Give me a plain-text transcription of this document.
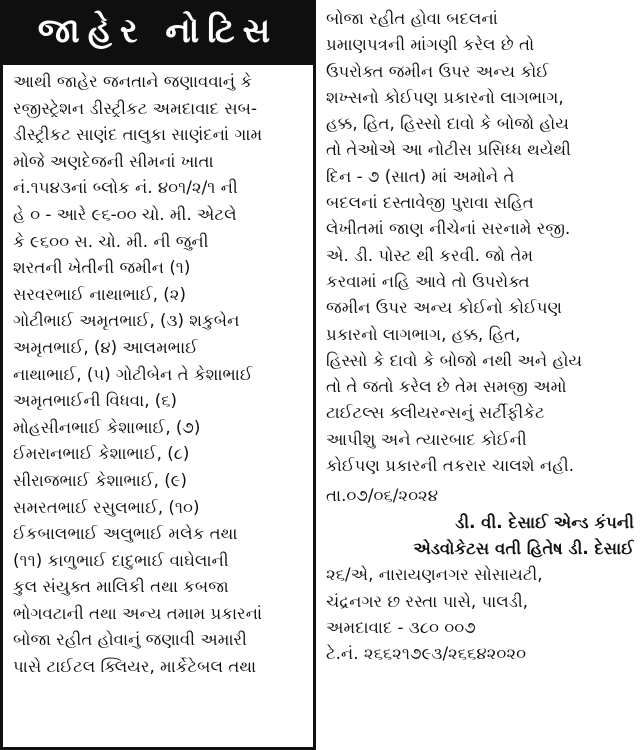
જાહેર નોટિસ
આથી જાહેર જનતાને જણાવવાનું કે
રજીસ્ટ્રેશન ડીસ્ટ્રીકટ અમદાવાદ સબ-
ડીસ્ટ્રીકટ સાણંદ તાલુકા સાણંદનાં ગામ
મોજે અણદેજની સીમનાં ખાતા
નં.૧૫૪૩નાં બ્લોક નં. ૪૦૧/૨/૧ ની
હે ૦ - આરે ૯૬-૦૦ ચો. મી. એટલે
કે ૯૬૦૦ સ. ચો. મી. ની જુની
શરતની ખેતીની જમીન (૧)
સરવરભાઈ નાથાભાઈ, (૨)
ગોટીભાઈ અમૃતભાઈ, (૩) શકુબેન
અમૃતભાઈ, (૪) આલમભાઈ
નાથાભાઈ, (૫) ગોટીબેન તે કેશાભાઈ
અમૃતભાઈની વિધવા, (૬)
મોહસીનભાઈ કેશાભાઈ, (૭)
ઈમરાનભાઈ કેશાભાઈ, (૮)
સીરાજભાઈ કેશાભાઈ, (૯)
સમરતભાઈ રસુલભાઈ, (૧૦)
ઈકબાલભાઈ અલુભાઈ મલેક તથા
(૧૧) કાળુભાઈ દાદુભાઈ વાઘેલાની
કુલ સંયુક્ત માલિકી તથા કબજા
ભોગવટાની તથા અન્ય તમામ પ્રકારનાં
બોજા રહીત હોવાનું જણાવી અમારી
પાસે ટાઈટલ ક્લિયર, માર્કેટેબલ તથા
બોજા રહીત હોવા બદલનાં
પ્રમાણપત્રની માંગણી કરેલ છે તો
ઉપરોક્ત જમીન ઉપર અન્ય કોઈ
શખ્સનો કોઈપણ પ્રકારનો લાગભાગ,
હક્ક, હિત, હિસ્સો દાવો કે બોજો હોય
તો તેઓએ આ નોટીસ પ્રસિધ્ધ થયેથી
દિન - ૭ (સાત) માં અમોને તે
બદલનાં દસ્તાવેજી પુરાવા સહિત
લેખીતમાં જાણ નીચેનાં સરનામે રજી.
એ. ડી. પોસ્ટ થી કરવી. જો તેમ
કરવામાં નહિ આવે તો ઉપરોક્ત
જમીન ઉપર અન્ય કોઈનો કોઈપણ
પ્રકારનો લાગભાગ, હક્ક, હિત,
હિસ્સો કે દાવો કે બોજો નથી અને હોય
તો તે જતો કરેલ છે તેમ સમજી અમો
ટાઈટલ્સ ક્લીયરન્સનું સર્ટીફીકેટ
આપીશુ અને ત્યારબાદ કોઈની
કોઈપણ પ્રકારની તકરાર ચાલશે નહી.
તા.૦૭/૦૬/૨૦૨૪
ડી. વી. દેસાઈ એન્ડ કંપની
એડવોકેટસ વતી હિતેષ ડી. દેસાઈ
૨૬/એ, નારાયણનગર સોસાયટી,
ચંદ્રનગર છ રસ્તા પાસે, પાલડી,
અમદાવાદ - ૩૮૦ ૦૦૭
ટે.નં. ૨૬૬૨૧૭૯૩/૨૬૬૪૨૦૨૦
